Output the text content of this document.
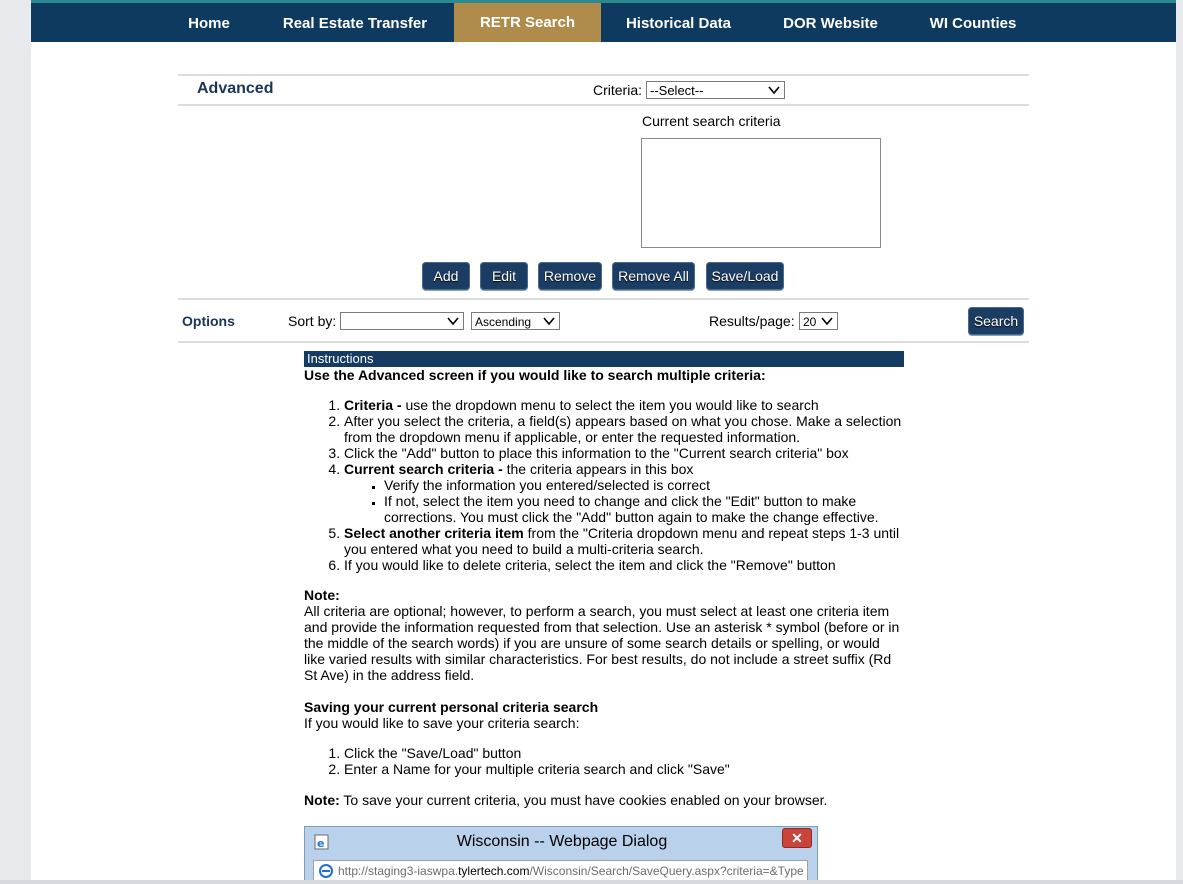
Home	Real Estate Transfer	RETR Search	Historical Data	DOR Website	WI Counties
Advanced	Criteria: --Select--
Current search criteria
Add	Edit	Remove	Remove All	Save/Load
Options	Sort by:	Ascending	Results/page: 20	Search
Instructions

Use the Advanced screen if you would like to search multiple criteria:

1. Criteria - use the dropdown menu to select the item you would like to search
2. After you select the criteria, a field(s) appears based on what you chose. Make a selection from the dropdown menu if applicable, or enter the requested information.
3. Click the "Add" button to place this information to the "Current search criteria" box
4. Current search criteria - the criteria appears in this box
▪ Verify the information you entered/selected is correct
▪ If not, select the item you need to change and click the "Edit" button to make corrections. You must click the "Add" button again to make the change effective.
5. Select another criteria item from the "Criteria dropdown menu and repeat steps 1-3 until you entered what you need to build a multi-criteria search.
6. If you would like to delete criteria, select the item and click the "Remove" button

Note:

All criteria are optional; however, to perform a search, you must select at least one criteria item and provide the information requested from that selection. Use an asterisk * symbol (before or in the middle of the search words) if you are unsure of some search details or spelling, or would like varied results with similar characteristics. For best results, do not include a street suffix (Rd St Ave) in the address field.

Saving your current personal criteria search

If you would like to save your criteria search:

1. Click the "Save/Load" button
2. Enter a Name for your multiple criteria search and click "Save"

Note: To save your current criteria, you must have cookies enabled on your browser.

e	Wisconsin -- Webpage Dialog	✕
http://staging3-iaswpa.tylertech.com/Wisconsin/Search/SaveQuery.aspx?criteria=&Type
